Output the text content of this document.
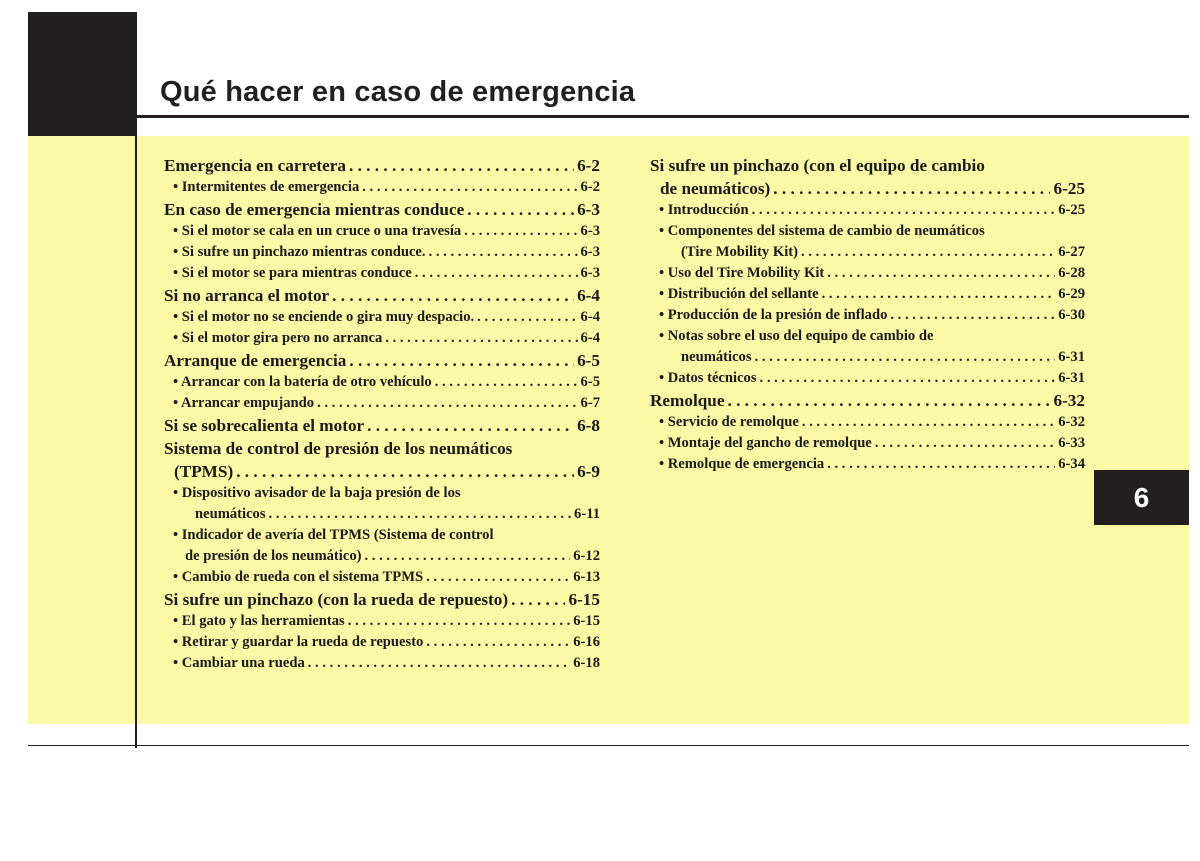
Qué hacer en caso de emergencia
6
Emergencia en carretera . . .	6-2
• Intermitentes de emergencia . . .	6-2
En caso de emergencia mientras conduce . . .	6-3
• Si el motor se cala en un cruce o una travesía . . .	6-3
• Si sufre un pinchazo mientras conduce. . . .	6-3
• Si el motor se para mientras conduce . . .	6-3
Si no arranca el motor . . .	6-4
• Si el motor no se enciende o gira muy despacio. . . .	6-4
• Si el motor gira pero no arranca . . .	6-4
Arranque de emergencia . . .	6-5
• Arrancar con la batería de otro vehículo . . .	6-5
• Arrancar empujando . . .	6-7
Si se sobrecalienta el motor . . .	6-8
Sistema de control de presión de los neumáticos
(TPMS) . . .	6-9
• Dispositivo avisador de la baja presión de los
neumáticos . . .	6-11
• Indicador de avería del TPMS (Sistema de control
de presión de los neumático) . . .	6-12
• Cambio de rueda con el sistema TPMS . . .	6-13
Si sufre un pinchazo (con la rueda de repuesto) . . .	6-15
• El gato y las herramientas . . .	6-15
• Retirar y guardar la rueda de repuesto . . .	6-16
• Cambiar una rueda . . .	6-18
Si sufre un pinchazo (con el equipo de cambio
de neumáticos) . . .	6-25
• Introducción . . .	6-25
• Componentes del sistema de cambio de neumáticos
(Tire Mobility Kit) . . .	6-27
• Uso del Tire Mobility Kit . . .	6-28
• Distribución del sellante . . .	6-29
• Producción de la presión de inflado . . .	6-30
• Notas sobre el uso del equipo de cambio de
neumáticos . . .	6-31
• Datos técnicos . . .	6-31
Remolque . . .	6-32
• Servicio de remolque . . .	6-32
• Montaje del gancho de remolque . . .	6-33
• Remolque de emergencia . . .	6-34
